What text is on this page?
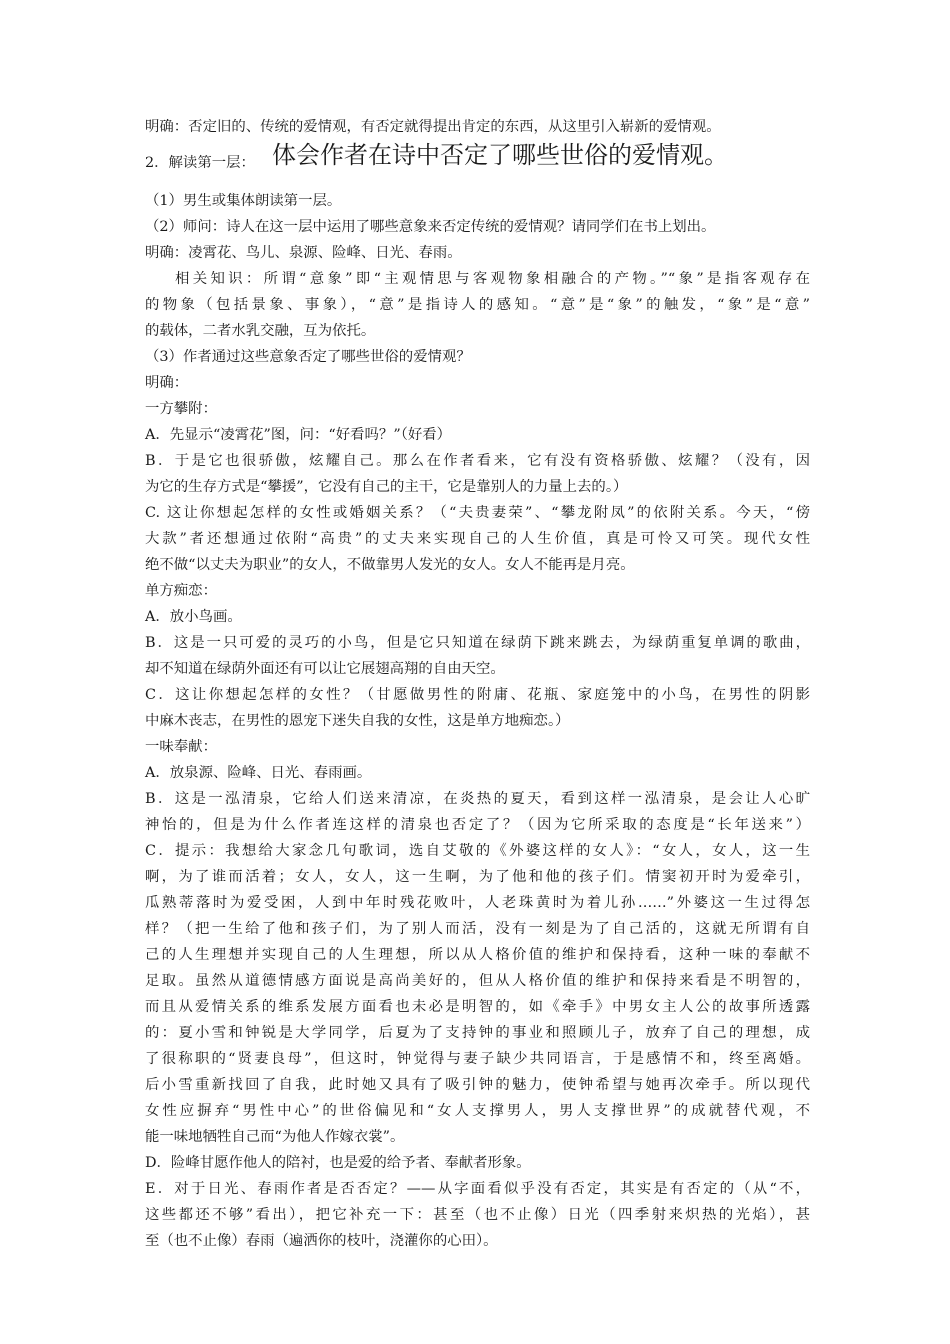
明确：否定旧的、传统的爱情观，有否定就得提出肯定的东西，从这里引入崭新的爱情观。
2．解读第一层： 体会作者在诗中否定了哪些世俗的爱情观。
（1）男生或集体朗读第一层。
（2）师问：诗人在这一层中运用了哪些意象来否定传统的爱情观？请同学们在书上划出。
明确：凌霄花、鸟儿、泉源、险峰、日光、春雨。
相关知识：所谓“意象”即“主观情思与客观物象相融合的产物。”“象”是指客观存在
的物象（包括景象、事象），“意”是指诗人的感知。“意”是“象”的触发，“象”是“意”
的载体，二者水乳交融，互为依托。
（3）作者通过这些意象否定了哪些世俗的爱情观？
明确：
一方攀附：
A．先显示“凌霄花”图，问：“好看吗？”（好看）
B．于是它也很骄傲，炫耀自己。那么在作者看来，它有没有资格骄傲、炫耀？（没有，因
为它的生存方式是“攀援”，它没有自己的主干，它是靠别人的力量上去的。）
C. 这让你想起怎样的女性或婚姻关系？（“夫贵妻荣”、“攀龙附凤”的依附关系。今天，“傍
大款”者还想通过依附“高贵”的丈夫来实现自己的人生价值，真是可怜又可笑。现代女性
绝不做“以丈夫为职业”的女人，不做靠男人发光的女人。女人不能再是月亮。
单方痴恋：
A．放小鸟画。
B．这是一只可爱的灵巧的小鸟，但是它只知道在绿荫下跳来跳去，为绿荫重复单调的歌曲，
却不知道在绿荫外面还有可以让它展翅高翔的自由天空。
C．这让你想起怎样的女性？（甘愿做男性的附庸、花瓶、家庭笼中的小鸟，在男性的阴影
中麻木丧志，在男性的恩宠下迷失自我的女性，这是单方地痴恋。）
一味奉献：
A．放泉源、险峰、日光、春雨画。
B．这是一泓清泉，它给人们送来清凉，在炎热的夏天，看到这样一泓清泉，是会让人心旷
神怡的，但是为什么作者连这样的清泉也否定了？（因为它所采取的态度是“长年送来”）
C．提示：我想给大家念几句歌词，选自艾敬的《外婆这样的女人》：“女人，女人，这一生
啊，为了谁而活着；女人，女人，这一生啊，为了他和他的孩子们。情窦初开时为爱牵引，
瓜熟蒂落时为爱受困，人到中年时残花败叶，人老珠黄时为着儿孙……”外婆这一生过得怎
样？（把一生给了他和孩子们，为了别人而活，没有一刻是为了自己活的，这就无所谓有自
己的人生理想并实现自己的人生理想，所以从人格价值的维护和保持看，这种一味的奉献不
足取。虽然从道德情感方面说是高尚美好的，但从人格价值的维护和保持来看是不明智的，
而且从爱情关系的维系发展方面看也未必是明智的，如《牵手》中男女主人公的故事所透露
的：夏小雪和钟锐是大学同学，后夏为了支持钟的事业和照顾儿子，放弃了自己的理想，成
了很称职的“贤妻良母”，但这时，钟觉得与妻子缺少共同语言，于是感情不和，终至离婚。
后小雪重新找回了自我，此时她又具有了吸引钟的魅力，使钟希望与她再次牵手。所以现代
女性应摒弃“男性中心”的世俗偏见和“女人支撑男人，男人支撑世界”的成就替代观，不
能一味地牺牲自己而“为他人作嫁衣裳”。
D．险峰甘愿作他人的陪衬，也是爱的给予者、奉献者形象。
E．对于日光、春雨作者是否否定？——从字面看似乎没有否定，其实是有否定的（从“不，
这些都还不够”看出），把它补充一下：甚至（也不止像）日光（四季射来炽热的光焰），甚
至（也不止像）春雨（遍洒你的枝叶，浇灌你的心田）。
